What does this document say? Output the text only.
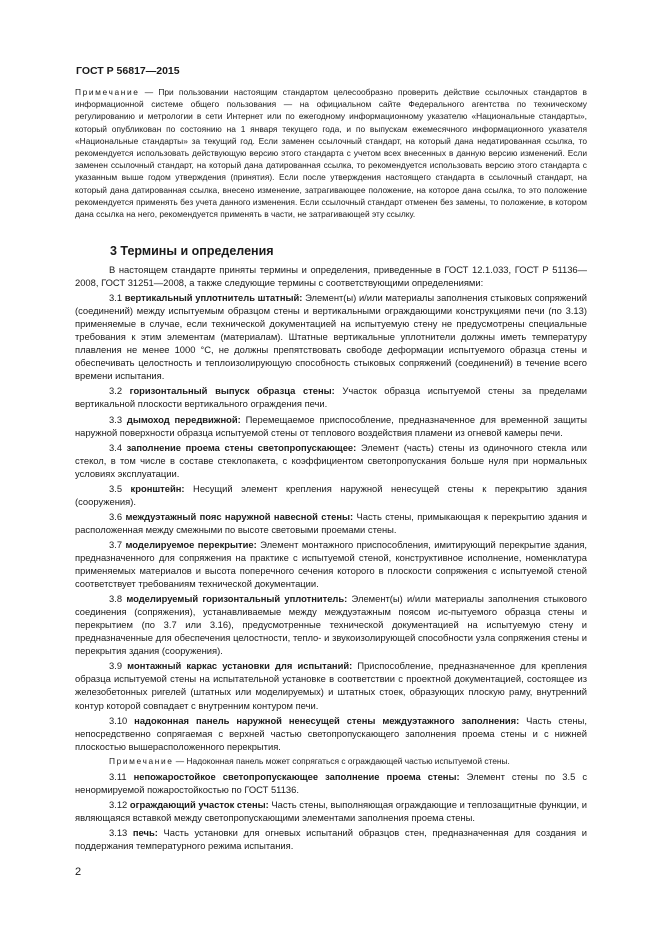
ГОСТ Р 56817—2015
Примечание — При пользовании настоящим стандартом целесообразно проверить действие ссылочных стандартов в информационной системе общего пользования — на официальном сайте Федерального агентства по техническому регулированию и метрологии в сети Интернет или по ежегодному информационному указателю «Национальные стандарты», который опубликован по состоянию на 1 января текущего года, и по выпускам ежемесячного информационного указателя «Национальные стандарты» за текущий год. Если заменен ссылочный стандарт, на который дана недатированная ссылка, то рекомендуется использовать действующую версию этого стандарта с учетом всех внесенных в данную версию изменений. Если заменен ссылочный стандарт, на который дана датированная ссылка, то рекомендуется использовать версию этого стандарта с указанным выше годом утверждения (принятия). Если после утверждения настоящего стандарта в ссылочный стандарт, на который дана датированная ссылка, внесено изменение, затрагивающее положение, на которое дана ссылка, то это положение рекомендуется применять без учета данного изменения. Если ссылочный стандарт отменен без замены, то положение, в котором дана ссылка на него, рекомендуется применять в части, не затрагивающей эту ссылку.
3 Термины и определения

В настоящем стандарте приняты термины и определения, приведенные в ГОСТ 12.1.033, ГОСТ Р 51136—2008, ГОСТ 31251—2008, а также следующие термины с соответствующими определениями:

3.1 вертикальный уплотнитель штатный: Элемент(ы) и/или материалы заполнения стыковых сопряжений (соединений) между испытуемым образцом стены и вертикальными ограждающими конструкциями печи (по 3.13) применяемые в случае, если технической документацией на испытуемую стену не предусмотрены специальные требования к этим элементам (материалам). Штатные вертикальные уплотнители должны иметь температуру плавления не менее 1000 °С, не должны препятствовать свободе деформации испытуемого образца стены и обеспечивать целостность и теплоизолирующую способность стыковых сопряжений (соединений) в течение всего времени испытания.

3.2 горизонтальный выпуск образца стены: Участок образца испытуемой стены за пределами вертикальной плоскости вертикального ограждения печи.

3.3 дымоход передвижной: Перемещаемое приспособление, предназначенное для временной защиты наружной поверхности образца испытуемой стены от теплового воздействия пламени из огневой камеры печи.

3.4 заполнение проема стены светопропускающее: Элемент (часть) стены из одиночного стекла или стекол, в том числе в составе стеклопакета, с коэффициентом светопропускания больше нуля при нормальных условиях эксплуатации.

3.5 кронштейн: Несущий элемент крепления наружной ненесущей стены к перекрытию здания (сооружения).

3.6 междуэтажный пояс наружной навесной стены: Часть стены, примыкающая к перекрытию здания и расположенная между смежными по высоте световыми проемами стены.

3.7 моделируемое перекрытие: Элемент монтажного приспособления, имитирующий перекрытие здания, предназначенного для сопряжения на практике с испытуемой стеной, конструктивное исполнение, номенклатура применяемых материалов и высота поперечного сечения которого в плоскости сопряжения с испытуемой стеной соответствует требованиям технической документации.

3.8 моделируемый горизонтальный уплотнитель: Элемент(ы) и/или материалы заполнения стыкового соединения (сопряжения), устанавливаемые между междуэтажным поясом ис-пытуемого образца стены и перекрытием (по 3.7 или 3.16), предусмотренные технической документацией на испытуемую стену и предназначенные для обеспечения целостности, тепло- и звукоизолирующей способности узла сопряжения стены и перекрытия здания (сооружения).

3.9 монтажный каркас установки для испытаний: Приспособление, предназначенное для крепления образца испытуемой стены на испытательной установке в соответствии с проектной документацией, состоящее из железобетонных ригелей (штатных или моделируемых) и штатных стоек, образующих плоскую раму, внутренний контур которой совпадает с внутренним контуром печи.

3.10 надоконная панель наружной ненесущей стены междуэтажного заполнения: Часть стены, непосредственно сопрягаемая с верхней частью светопропускающего заполнения проема стены и с нижней плоскостью вышерасположенного перекрытия.

Примечание — Надоконная панель может сопрягаться с ограждающей частью испытуемой стены.

3.11 непожаростойкое светопропускающее заполнение проема стены: Элемент стены по 3.5 с ненормируемой пожаростойкостью по ГОСТ 51136.

3.12 ограждающий участок стены: Часть стены, выполняющая ограждающие и теплозащитные функции, и являющаяся вставкой между светопропускающими элементами заполнения проема стены.

3.13 печь: Часть установки для огневых испытаний образцов стен, предназначенная для создания и поддержания температурного режима испытания.

2
